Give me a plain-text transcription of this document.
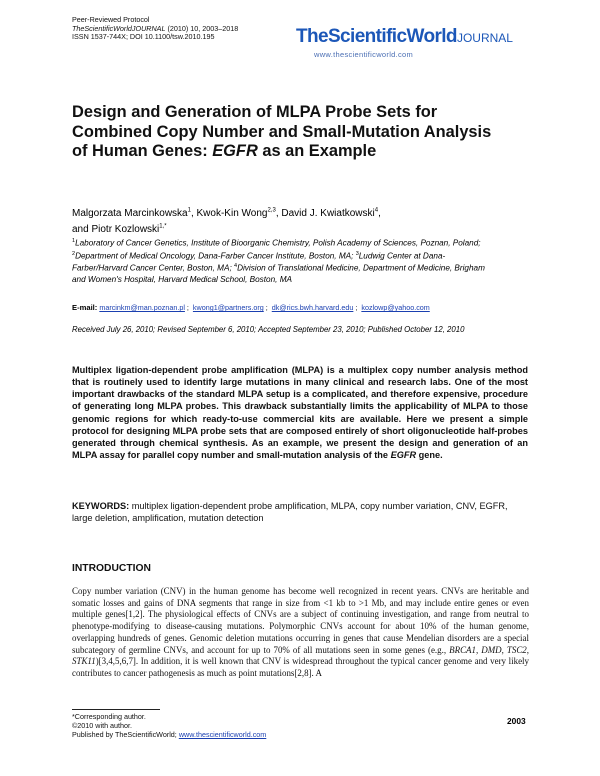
Peer-Reviewed Protocol
TheScientificWorldJOURNAL (2010) 10, 2003–2018
ISSN 1537-744X; DOI 10.1100/tsw.2010.195	TheScientificWorldJOURNAL
www.thescientificworld.com
Design and Generation of MLPA Probe Sets for Combined Copy Number and Small-Mutation Analysis of Human Genes: EGFR as an Example
Malgorzata Marcinkowska$^1$, Kwok-Kin Wong$^{2,3}$, David J. Kwiatkowski$^4$,
and Piotr Kozlowski$^{1,*}$
$^1$Laboratory of Cancer Genetics, Institute of Bioorganic Chemistry, Polish Academy of Sciences, Poznan, Poland; $^2$Department of Medical Oncology, Dana-Farber Cancer Institute, Boston, MA; $^3$Ludwig Center at Dana-Farber/Harvard Cancer Center, Boston, MA; $^4$Division of Translational Medicine, Department of Medicine, Brigham and Women's Hospital, Harvard Medical School, Boston, MA
E-mail: marcinkm@man.poznan.pl ; kwong1@partners.org ; dk@rics.bwh.harvard.edu ; kozlowp@yahoo.com
Received July 26, 2010; Revised September 6, 2010; Accepted September 23, 2010; Published October 12, 2010
Multiplex ligation-dependent probe amplification (MLPA) is a multiplex copy number analysis method that is routinely used to identify large mutations in many clinical and research labs. One of the most important drawbacks of the standard MLPA setup is a complicated, and therefore expensive, procedure of generating long MLPA probes. This drawback substantially limits the applicability of MLPA to those genomic regions for which ready-to-use commercial kits are available. Here we present a simple protocol for designing MLPA probe sets that are composed entirely of short oligonucleotide half-probes generated through chemical synthesis. As an example, we present the design and generation of an MLPA assay for parallel copy number and small-mutation analysis of the EGFR gene.
KEYWORDS: multiplex ligation-dependent probe amplification, MLPA, copy number variation, CNV, EGFR, large deletion, amplification, mutation detection
INTRODUCTION
Copy number variation (CNV) in the human genome has become well recognized in recent years. CNVs are heritable and somatic losses and gains of DNA segments that range in size from <1 kb to >1 Mb, and may include entire genes or even multiple genes[1,2]. The physiological effects of CNVs are a subject of continuing investigation, and range from neutral to phenotype-modifying to disease-causing mutations. Polymorphic CNVs account for about 10% of the human genome, overlapping hundreds of genes. Genomic deletion mutations occurring in genes that cause Mendelian disorders are a special subcategory of germline CNVs, and account for up to 70% of all mutations seen in some genes (e.g., BRCA1, DMD, TSC2, STK11)[3,4,5,6,7]. In addition, it is well known that CNV is widespread throughout the typical cancer genome and very likely contributes to cancer pathogenesis as much as point mutations[2,8]. A
*Corresponding author.
©2010 with author.
Published by TheScientificWorld; www.thescientificworld.com
2003
